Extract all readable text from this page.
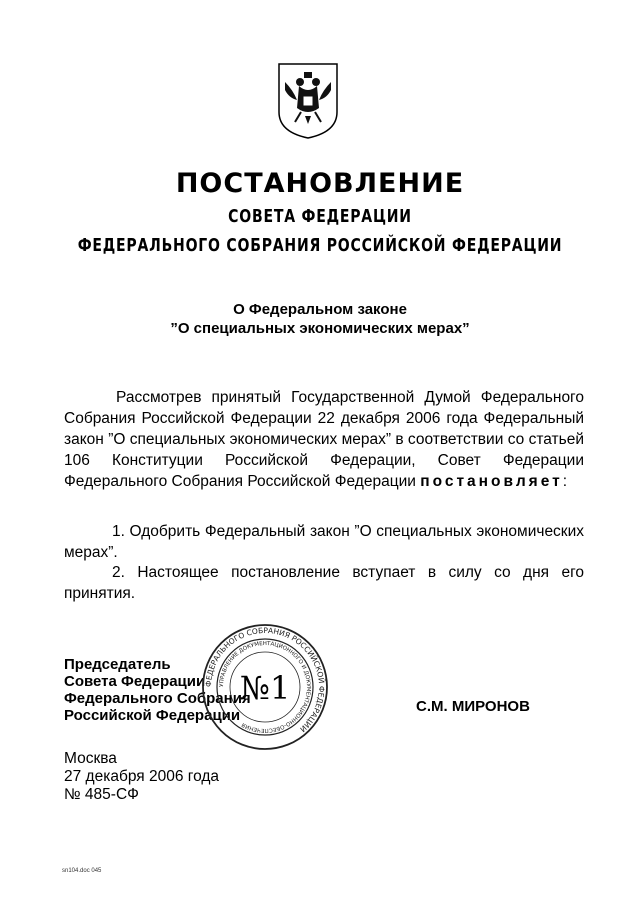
ПОСТАНОВЛЕНИЕ
СОВЕТА ФЕДЕРАЦИИ
ФЕДЕРАЛЬНОГО СОБРАНИЯ РОССИЙСКОЙ ФЕДЕРАЦИИ
О Федеральном законе
”О специальных экономических мерах”
Рассмотрев принятый Государственной Думой Федерального Собрания Российской Федерации 22 декабря 2006 года Федеральный закон ”О специальных экономических мерах” в соответствии со статьей 106 Конституции Российской Федерации, Совет Федерации Федерального Собрания Российской Федерации постановляет:
1. Одобрить Федеральный закон ”О специальных экономических мерах”.
2. Настоящее постановление вступает в силу со дня его принятия.
Председатель
Совета Федерации
Федерального Собрания
Российской Федерации
ФЕДЕРАЛЬНОГО СОБРАНИЯ РОССИЙСКОЙ ФЕДЕРАЦИИ
УПРАВЛЕНИЕ ДОКУМЕНТАЦИОННОГО И ДОКУМЕНТАЦИОННО-ОБЕСПЕЧЕНИЯ
№1	С.М. МИРОНОВ
Москва
27 декабря 2006 года
№ 485-СФ
sn104.doc 045
